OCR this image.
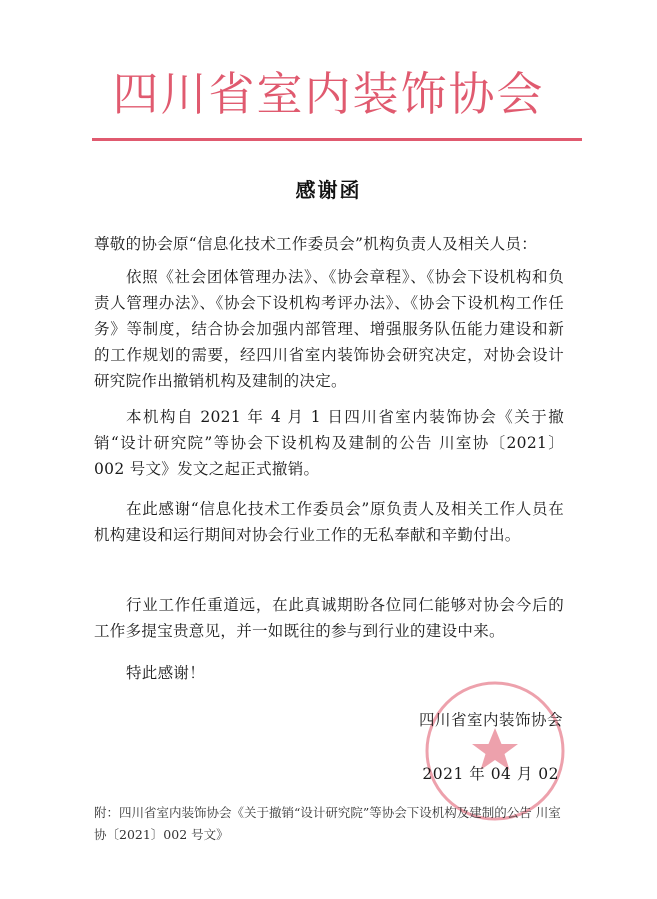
四川省室内装饰协会
感谢函
尊敬的协会原“信息化技术工作委员会”机构负责人及相关人员：
依照《社会团体管理办法》、《协会章程》、《协会下设机构和负责人管理办法》、《协会下设机构考评办法》、《协会下设机构工作任务》等制度，结合协会加强内部管理、增强服务队伍能力建设和新的工作规划的需要，经四川省室内装饰协会研究决定，对协会设计研究院作出撤销机构及建制的决定。
本机构自 2021 年 4 月 1 日四川省室内装饰协会《关于撤销“设计研究院”等协会下设机构及建制的公告 川室协〔2021〕002 号文》发文之起正式撤销。
在此感谢“信息化技术工作委员会”原负责人及相关工作人员在机构建设和运行期间对协会行业工作的无私奉献和辛勤付出。
行业工作任重道远，在此真诚期盼各位同仁能够对协会今后的工作多提宝贵意见，并一如既往的参与到行业的建设中来。
特此感谢！
四川省室内装饰协会
2021 年 04 月 02
附：四川省室内装饰协会《关于撤销“设计研究院”等协会下设机构及建制的公告 川室协〔2021〕002 号文》
